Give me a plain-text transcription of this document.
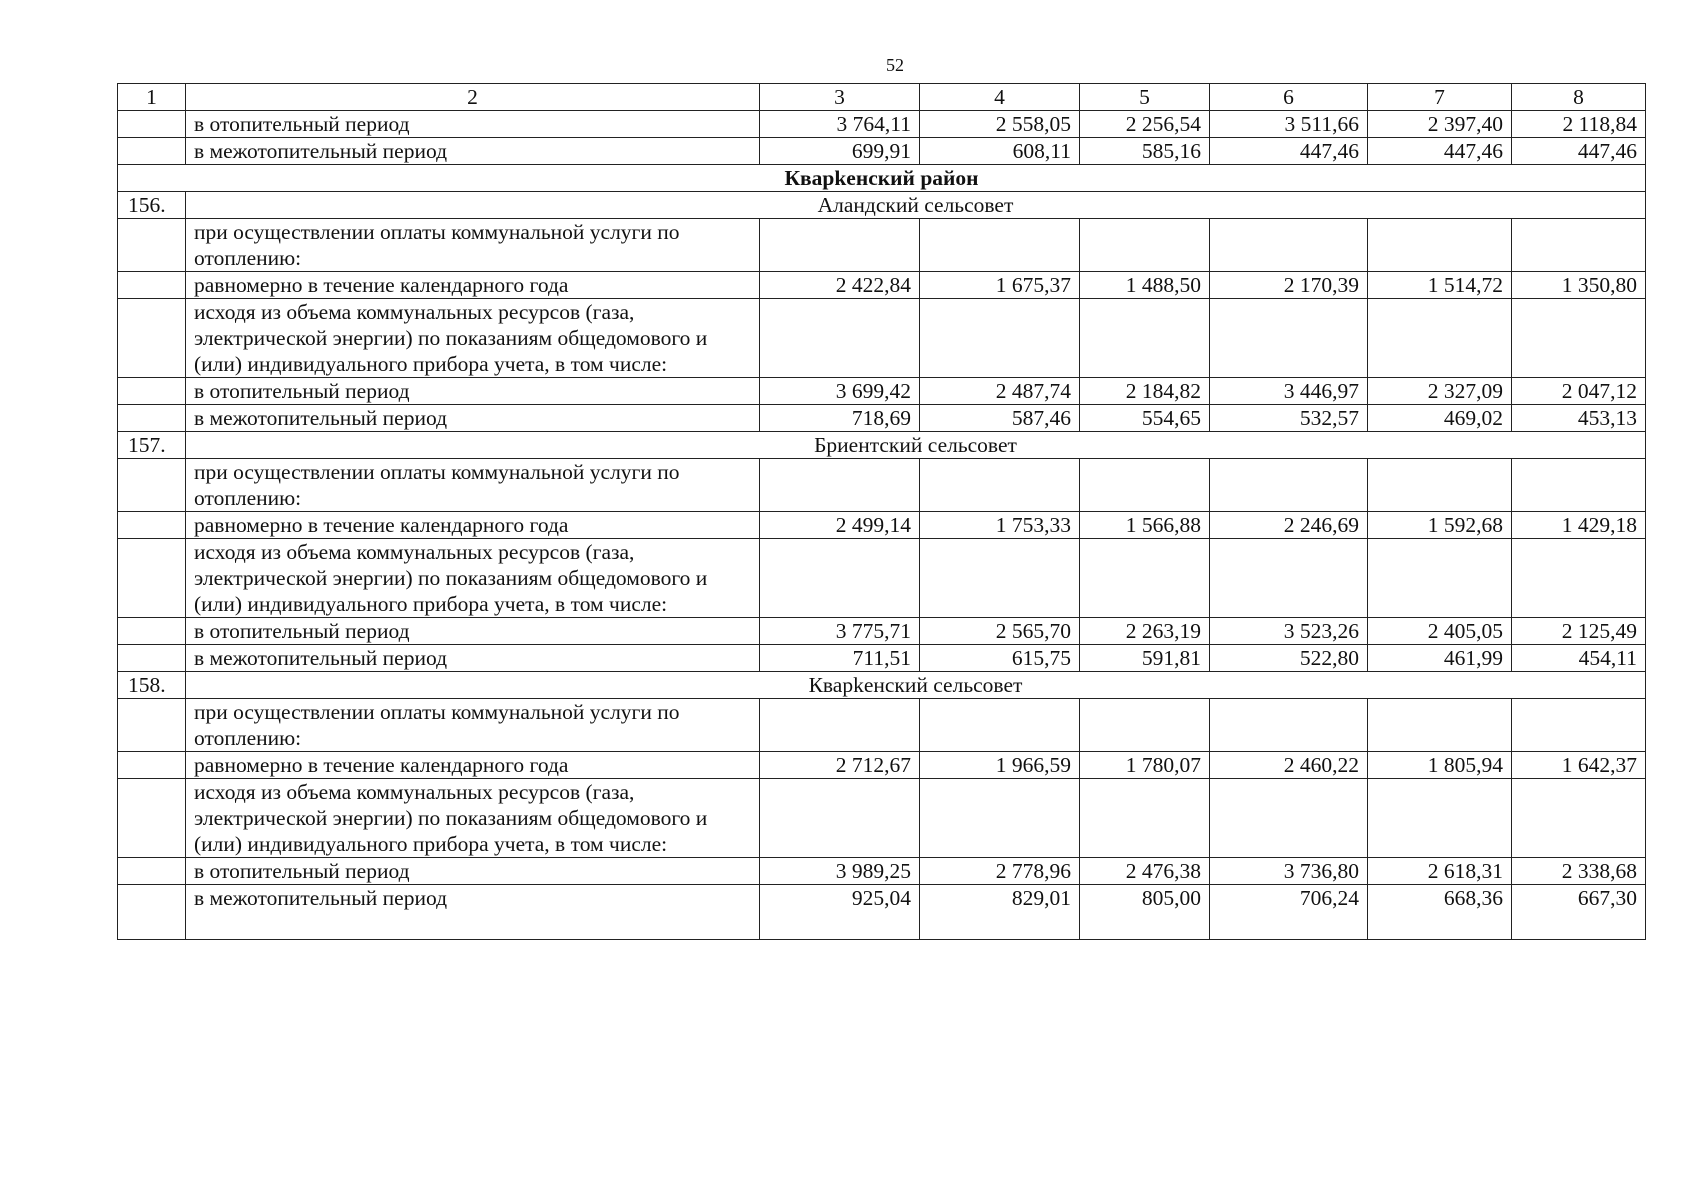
52
1	2	3	4	5	6	7	8
	в отопительный период	3 764,11	2 558,05	2 256,54	3 511,66	2 397,40	2 118,84
	в межотопительный период	699,91	608,11	585,16	447,46	447,46	447,46
Кварkенский район							
156.	Аландский сельсовет						
	при осуществлении оплаты коммунальной услуги по отоплению:						
	равномерно в течение календарного года	2 422,84	1 675,37	1 488,50	2 170,39	1 514,72	1 350,80
	исходя из объема коммунальных ресурсов (газа, электрической энергии) по показаниям общедомового и (или) индивидуального прибора учета, в том числе:						
	в отопительный период	3 699,42	2 487,74	2 184,82	3 446,97	2 327,09	2 047,12
	в межотопительный период	718,69	587,46	554,65	532,57	469,02	453,13
157.	Бриентский сельсовет						
	при осуществлении оплаты коммунальной услуги по отоплению:						
	равномерно в течение календарного года	2 499,14	1 753,33	1 566,88	2 246,69	1 592,68	1 429,18
	исходя из объема коммунальных ресурсов (газа, электрической энергии) по показаниям общедомового и (или) индивидуального прибора учета, в том числе:						
	в отопительный период	3 775,71	2 565,70	2 263,19	3 523,26	2 405,05	2 125,49
	в межотопительный период	711,51	615,75	591,81	522,80	461,99	454,11
158.	Кварkенский сельсовет						
	при осуществлении оплаты коммунальной услуги по отоплению:						
	равномерно в течение календарного года	2 712,67	1 966,59	1 780,07	2 460,22	1 805,94	1 642,37
	исходя из объема коммунальных ресурсов (газа, электрической энергии) по показаниям общедомового и (или) индивидуального прибора учета, в том числе:						
	в отопительный период	3 989,25	2 778,96	2 476,38	3 736,80	2 618,31	2 338,68
	в межотопительный период	925,04	829,01	805,00	706,24	668,36	667,30
